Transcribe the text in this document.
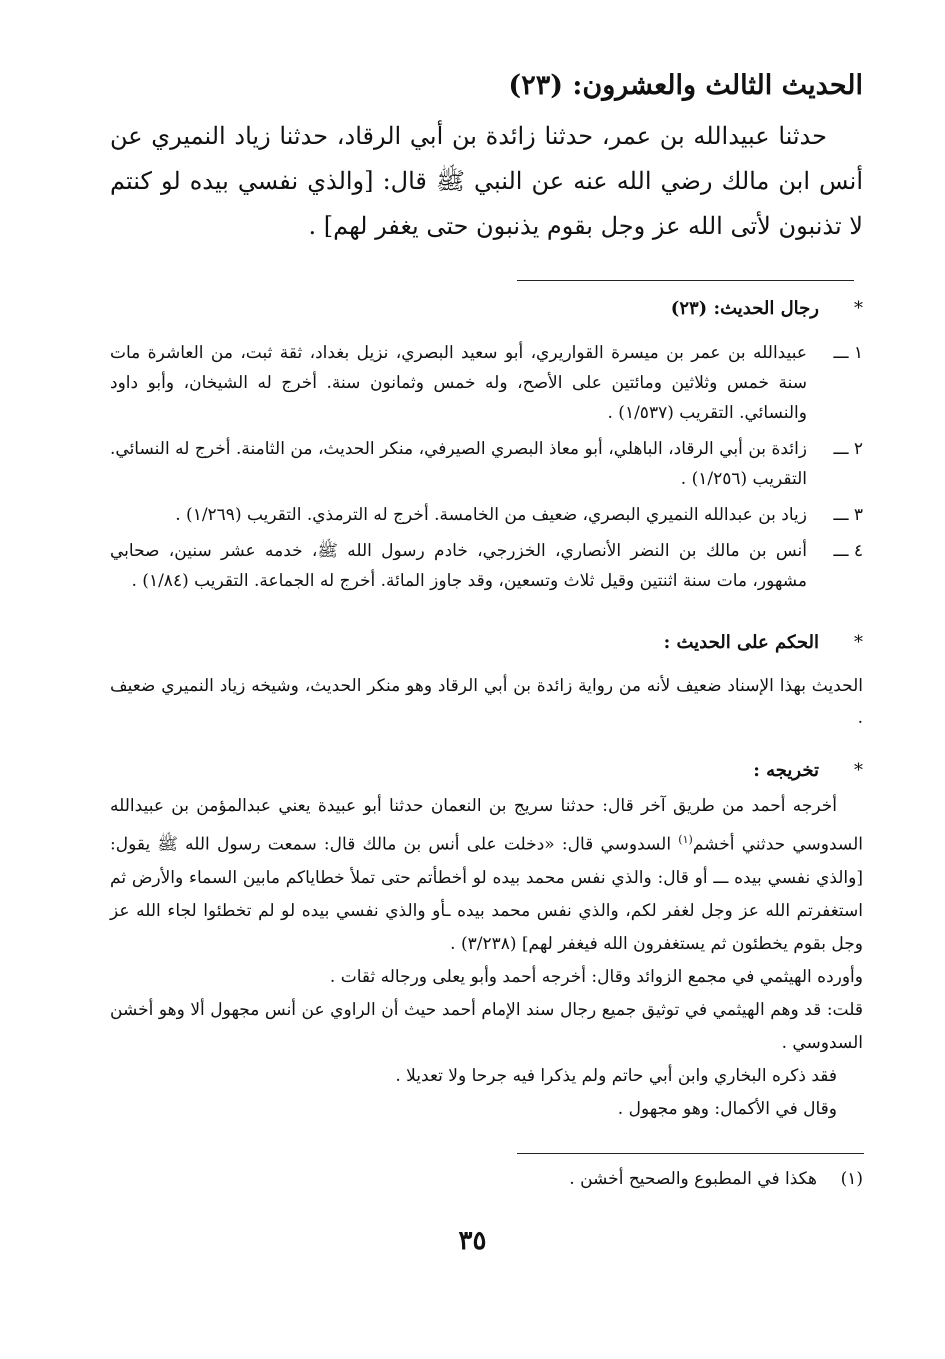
الحديث الثالث والعشرون: (٢٣)

حدثنا عبيدالله بن عمر، حدثنا زائدة بن أبي الرقاد، حدثنا زياد النميري عن أنس ابن مالك رضي الله عنه عن النبي ﷺ قال: [والذي نفسي بيده لو كنتم لا تذنبون لأتى الله عز وجل بقوم يذنبون حتى يغفر لهم] .

*رجال الحديث: (٢٣)
١ ـــ
عبيدالله بن عمر بن ميسرة القواريري، أبو سعيد البصري، نزيل بغداد، ثقة ثبت، من العاشرة مات سنة خمس وثلاثين ومائتين على الأصح، وله خمس وثمانون سنة. أخرج له الشيخان، وأبو داود والنسائي. التقريب (١/٥٣٧) .
٢ ـــ
زائدة بن أبي الرقاد، الباهلي، أبو معاذ البصري الصيرفي، منكر الحديث، من الثامنة. أخرج له النسائي. التقريب (١/٢٥٦) .
٣ ـــ
زياد بن عبدالله النميري البصري، ضعيف من الخامسة. أخرج له الترمذي. التقريب (١/٢٦٩) .
٤ ـــ
أنس بن مالك بن النضر الأنصاري، الخزرجي، خادم رسول الله ﷺ، خدمه عشر سنين، صحابي مشهور، مات سنة اثنتين وقيل ثلاث وتسعين، وقد جاوز المائة. أخرج له الجماعة. التقريب (١/٨٤) .
*الحكم على الحديث :

الحديث بهذا الإسناد ضعيف لأنه من رواية زائدة بن أبي الرقاد وهو منكر الحديث، وشيخه زياد النميري ضعيف .

*تخريجه :

أخرجه أحمد من طريق آخر قال: حدثنا سريج بن النعمان حدثنا أبو عبيدة يعني عبدالمؤمن بن عبيدالله السدوسي حدثني أخشم$^{(١)}$ السدوسي قال: «دخلت على أنس بن مالك قال: سمعت رسول الله ﷺ يقول: [والذي نفسي بيده ـــ أو قال: والذي نفس محمد بيده لو أخطأتم حتى تملأ خطاياكم مابين السماء والأرض ثم استغفرتم الله عز وجل لغفر لكم، والذي نفس محمد بيده ـأو والذي نفسي بيده لو لم تخطئوا لجاء الله عز وجل بقوم يخطئون ثم يستغفرون الله فيغفر لهم] (٣/٢٣٨) .

وأورده الهيثمي في مجمع الزوائد وقال: أخرجه أحمد وأبو يعلى ورجاله ثقات .

قلت: قد وهم الهيثمي في توثيق جميع رجال سند الإمام أحمد حيث أن الراوي عن أنس مجهول ألا وهو أخشن السدوسي .

فقد ذكره البخاري وابن أبي حاتم ولم يذكرا فيه جرحا ولا تعديلا .

وقال في الأكمال: وهو مجهول .

(١)هكذا في المطبوع والصحيح أخشن .
٣٥
